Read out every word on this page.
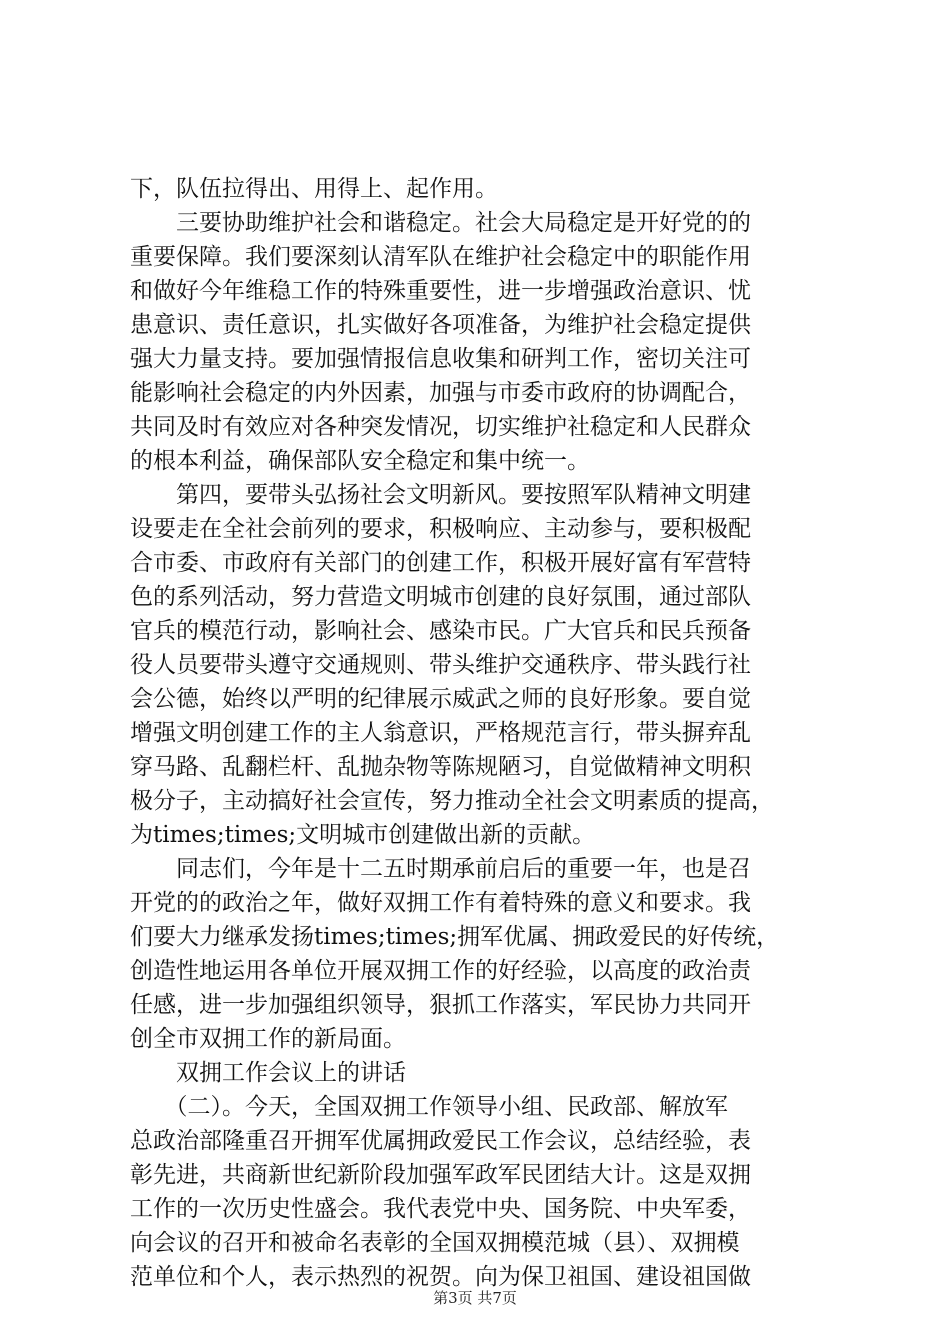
下，队伍拉得出、用得上、起作用。
　　三要协助维护社会和谐稳定。社会大局稳定是开好党的的
重要保障。我们要深刻认清军队在维护社会稳定中的职能作用
和做好今年维稳工作的特殊重要性，进一步增强政治意识、忧
患意识、责任意识，扎实做好各项准备，为维护社会稳定提供
强大力量支持。要加强情报信息收集和研判工作，密切关注可
能影响社会稳定的内外因素，加强与市委市政府的协调配合，
共同及时有效应对各种突发情况，切实维护社稳定和人民群众
的根本利益，确保部队安全稳定和集中统一。
　　第四，要带头弘扬社会文明新风。要按照军队精神文明建
设要走在全社会前列的要求，积极响应、主动参与，要积极配
合市委、市政府有关部门的创建工作，积极开展好富有军营特
色的系列活动，努力营造文明城市创建的良好氛围，通过部队
官兵的模范行动，影响社会、感染市民。广大官兵和民兵预备
役人员要带头遵守交通规则、带头维护交通秩序、带头践行社
会公德，始终以严明的纪律展示威武之师的良好形象。要自觉
增强文明创建工作的主人翁意识，严格规范言行，带头摒弃乱
穿马路、乱翻栏杆、乱抛杂物等陈规陋习，自觉做精神文明积
极分子，主动搞好社会宣传，努力推动全社会文明素质的提高，
为times;times;文明城市创建做出新的贡献。
　　同志们，今年是十二五时期承前启后的重要一年，也是召
开党的的政治之年，做好双拥工作有着特殊的意义和要求。我
们要大力继承发扬times;times;拥军优属、拥政爱民的好传统，
创造性地运用各单位开展双拥工作的好经验，以高度的政治责
任感，进一步加强组织领导，狠抓工作落实，军民协力共同开
创全市双拥工作的新局面。
　　双拥工作会议上的讲话
　　（二）。今天，全国双拥工作领导小组、民政部、解放军
总政治部隆重召开拥军优属拥政爱民工作会议，总结经验，表
彰先进，共商新世纪新阶段加强军政军民团结大计。这是双拥
工作的一次历史性盛会。我代表党中央、国务院、中央军委，
向会议的召开和被命名表彰的全国双拥模范城（县）、双拥模
范单位和个人，表示热烈的祝贺。向为保卫祖国、建设祖国做
第3页 共7页
